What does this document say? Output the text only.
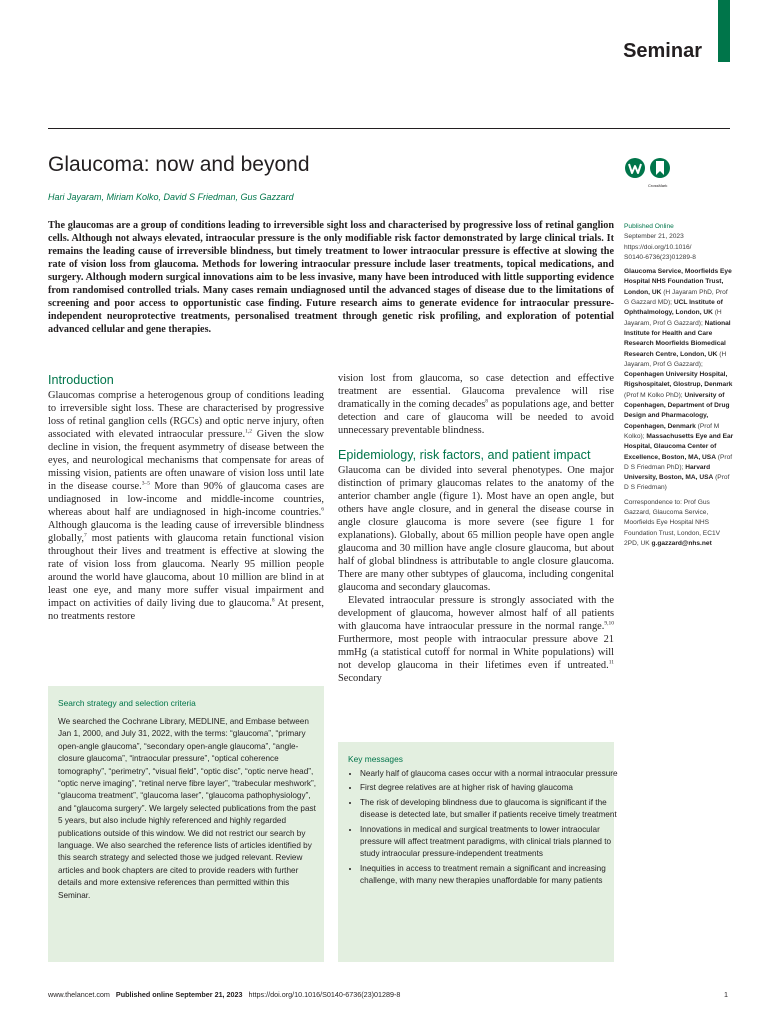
Seminar
Glaucoma: now and beyond
Hari Jayaram, Miriam Kolko, David S Friedman, Gus Gazzard
CrossMark
The glaucomas are a group of conditions leading to irreversible sight loss and characterised by progressive loss of retinal ganglion cells. Although not always elevated, intraocular pressure is the only modifiable risk factor demonstrated by large clinical trials. It remains the leading cause of irreversible blindness, but timely treatment to lower intraocular pressure is effective at slowing the rate of vision loss from glaucoma. Methods for lowering intraocular pressure include laser treatments, topical medications, and surgery. Although modern surgical innovations aim to be less invasive, many have been introduced with little supporting evidence from randomised controlled trials. Many cases remain undiagnosed until the advanced stages of disease due to the limitations of screening and poor access to opportunistic case finding. Future research aims to generate evidence for intraocular pressure-independent neuroprotective treatments, personalised treatment through genetic risk profiling, and exploration of potential advanced cellular and gene therapies.
Published Online
September 21, 2023
https://doi.org/10.1016/
S0140-6736(23)01289-8
Glaucoma Service, Moorfields Eye Hospital NHS Foundation Trust, London, UK (H Jayaram PhD, Prof G Gazzard MD); UCL Institute of Ophthalmology, London, UK (H Jayaram, Prof G Gazzard); National Institute for Health and Care Research Moorfields Biomedical Research Centre, London, UK (H Jayaram, Prof G Gazzard); Copenhagen University Hospital, Rigshospitalet, Glostrup, Denmark (Prof M Kolko PhD); University of Copenhagen, Department of Drug Design and Pharmacology, Copenhagen, Denmark (Prof M Kolko); Massachusetts Eye and Ear Hospital, Glaucoma Center of Excellence, Boston, MA, USA (Prof D S Friedman PhD); Harvard University, Boston, MA, USA (Prof D S Friedman)
Correspondence to: Prof Gus Gazzard, Glaucoma Service, Moorfields Eye Hospital NHS Foundation Trust, London, EC1V 2PD, UK g.gazzard@nhs.net
Introduction

Glaucomas comprise a heterogenous group of conditions leading to irreversible sight loss. These are characterised by progressive loss of retinal ganglion cells (RGCs) and optic nerve injury, often associated with elevated intraocular pressure.$^{1,2}$ Given the slow decline in vision, the frequent asymmetry of disease between the eyes, and neurological mechanisms that compensate for areas of missing vision, patients are often unaware of vision loss until late in the disease course.$^{3-5}$ More than 90% of glaucoma cases are undiagnosed in low-income and middle-income countries, whereas about half are undiagnosed in high-income countries.$^6$ Although glaucoma is the leading cause of irreversible blindness globally,$^7$ most patients with glaucoma retain functional vision throughout their lives and treatment is effective at slowing the rate of vision loss from glaucoma. Nearly 95 million people around the world have glaucoma, about 10 million are blind in at least one eye, and many more suffer visual impairment and impact on activities of daily living due to glaucoma.$^8$ At present, no treatments restore

vision lost from glaucoma, so case detection and effective treatment are essential. Glaucoma prevalence will rise dramatically in the coming decades$^8$ as populations age, and better detection and care of glaucoma will be needed to avoid unnecessary preventable blindness.

Epidemiology, risk factors, and patient impact

Glaucoma can be divided into several phenotypes. One major distinction of primary glaucomas relates to the anatomy of the anterior chamber angle (figure 1). Most have an open angle, but others have angle closure, and in general the disease course in angle closure glaucoma is more severe (see figure 1 for explanations). Globally, about 65 million people have open angle glaucoma and 30 million have angle closure glaucoma, but about half of global blindness is attributable to angle closure glaucoma. There are many other subtypes of glaucoma, including congenital glaucoma and secondary glaucomas.

Elevated intraocular pressure is strongly associated with the development of glaucoma, however almost half of all patients with glaucoma have intraocular pressure in the normal range.$^{9,10}$ Furthermore, most people with intraocular pressure above 21 mmHg (a statistical cutoff for normal in White populations) will not develop glaucoma in their lifetimes even if untreated.$^{11}$ Secondary

Search strategy and selection criteria
We searched the Cochrane Library, MEDLINE, and Embase between Jan 1, 2000, and July 31, 2022, with the terms: “glaucoma”, “primary open-angle glaucoma”, “secondary open-angle glaucoma”, “angle-closure glaucoma”, “intraocular pressure”, “optical coherence tomography”, “perimetry”, “visual field”, “optic disc”, “optic nerve head”, “optic nerve imaging”, “retinal nerve fibre layer”, “trabecular meshwork”, “glaucoma treatment”, “glaucoma laser”, “glaucoma pathophysiology”, and “glaucoma surgery”. We largely selected publications from the past 5 years, but also include highly referenced and highly regarded publications outside of this window. We did not restrict our search by language. We also searched the reference lists of articles identified by this search strategy and selected those we judged relevant. Review articles and book chapters are cited to provide readers with further details and more extensive references than permitted within this Seminar.
Key messages
• Nearly half of glaucoma cases occur with a normal intraocular pressure
• First degree relatives are at higher risk of having glaucoma
• The risk of developing blindness due to glaucoma is significant if the disease is detected late, but smaller if patients receive timely treatment
• Innovations in medical and surgical treatments to lower intraocular pressure will affect treatment paradigms, with clinical trials planned to study intraocular pressure-independent treatments
• Inequities in access to treatment remain a significant and increasing challenge, with many new therapies unaffordable for many patients
www.thelancet.com Published online September 21, 2023 https://doi.org/10.1016/S0140-6736(23)01289-8	1
